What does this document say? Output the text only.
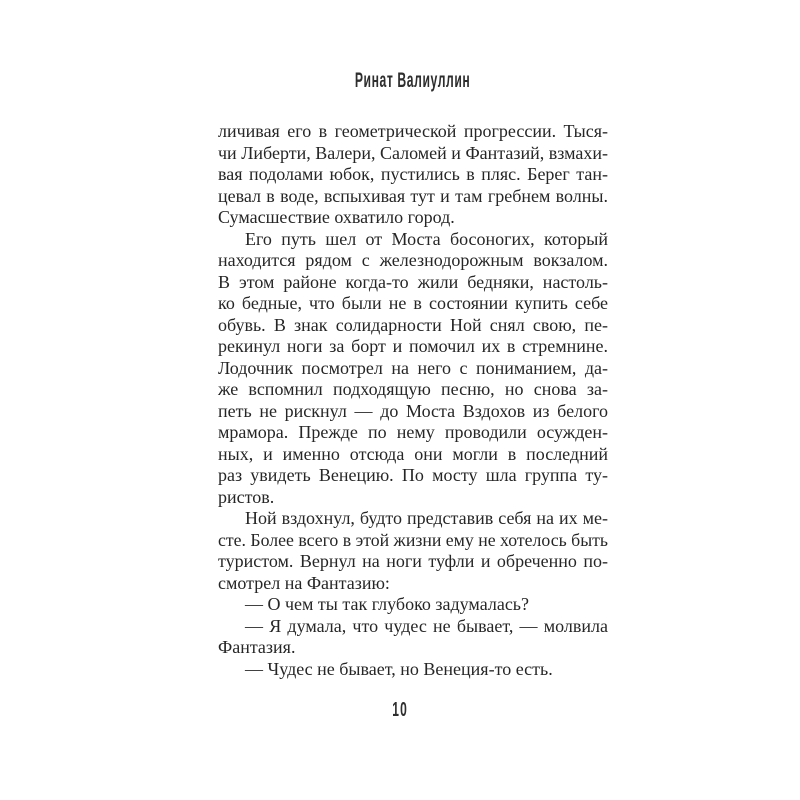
Ринат Валиуллин
личивая его в геометрической прогрессии. Тыся-
чи Либерти, Валери, Саломей и Фантазий, взмахи-
вая подолами юбок, пустились в пляс. Берег тан-
цевал в воде, вспыхивая тут и там гребнем волны.
Сумасшествие охватило город.
Его путь шел от Моста босоногих, который
находится рядом с железнодорожным вокзалом.
В этом районе когда-то жили бедняки, настоль-
ко бедные, что были не в состоянии купить себе
обувь. В знак солидарности Ной снял свою, пе-
рекинул ноги за борт и помочил их в стремнине.
Лодочник посмотрел на него с пониманием, да-
же вспомнил подходящую песню, но снова за-
петь не рискнул — до Моста Вздохов из белого
мрамора. Прежде по нему проводили осужден-
ных, и именно отсюда они могли в последний
раз увидеть Венецию. По мосту шла группа ту-
ристов.
Ной вздохнул, будто представив себя на их ме-
сте. Более всего в этой жизни ему не хотелось быть
туристом. Вернул на ноги туфли и обреченно по-
смотрел на Фантазию:
— О чем ты так глубоко задумалась?
— Я думала, что чудес не бывает, — молвила
Фантазия.
— Чудес не бывает, но Венеция-то есть.
10
